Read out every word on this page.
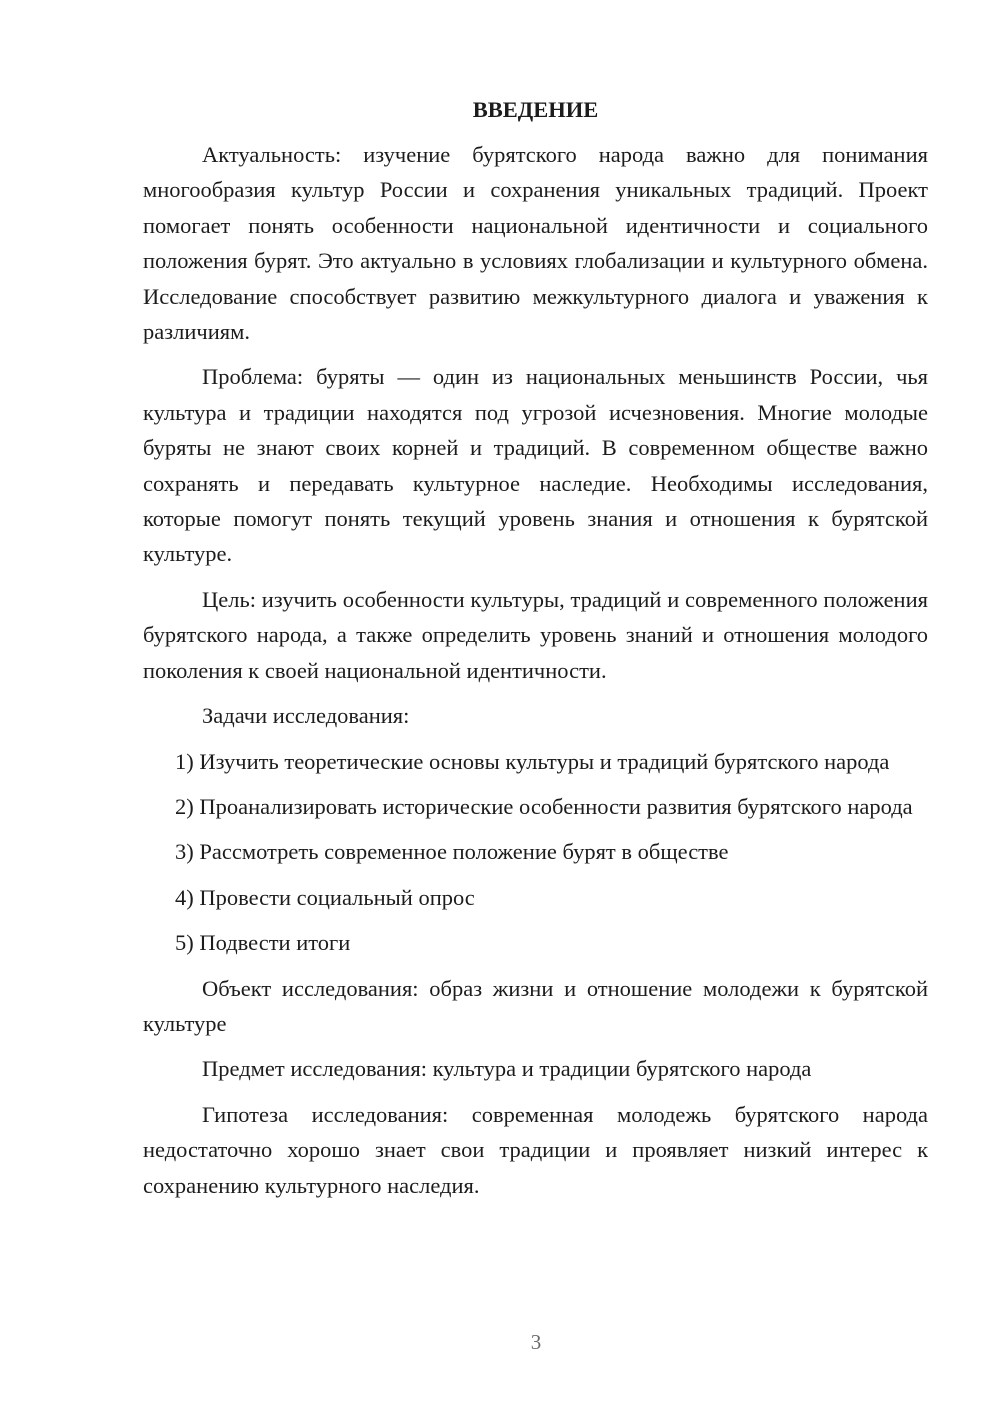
ВВЕДЕНИЕ

Актуальность: изучение бурятского народа важно для понимания многообразия культур России и сохранения уникальных традиций. Проект помогает понять особенности национальной идентичности и социального положения бурят. Это актуально в условиях глобализации и культурного обмена. Исследование способствует развитию межкультурного диалога и уважения к различиям.

Проблема: буряты — один из национальных меньшинств России, чья культура и традиции находятся под угрозой исчезновения. Многие молодые буряты не знают своих корней и традиций. В современном обществе важно сохранять и передавать культурное наследие. Необходимы исследования, которые помогут понять текущий уровень знания и отношения к бурятской культуре.

Цель: изучить особенности культуры, традиций и современного положения бурятского народа, а также определить уровень знаний и отношения молодого поколения к своей национальной идентичности.

Задачи исследования:

1) Изучить теоретические основы культуры и традиций бурятского народа

2) Проанализировать исторические особенности развития бурятского народа

3) Рассмотреть современное положение бурят в обществе

4) Провести социальный опрос

5) Подвести итоги

Объект исследования: образ жизни и отношение молодежи к бурятской культуре

Предмет исследования: культура и традиции бурятского народа

Гипотеза исследования: современная молодежь бурятского народа недостаточно хорошо знает свои традиции и проявляет низкий интерес к сохранению культурного наследия.

3
